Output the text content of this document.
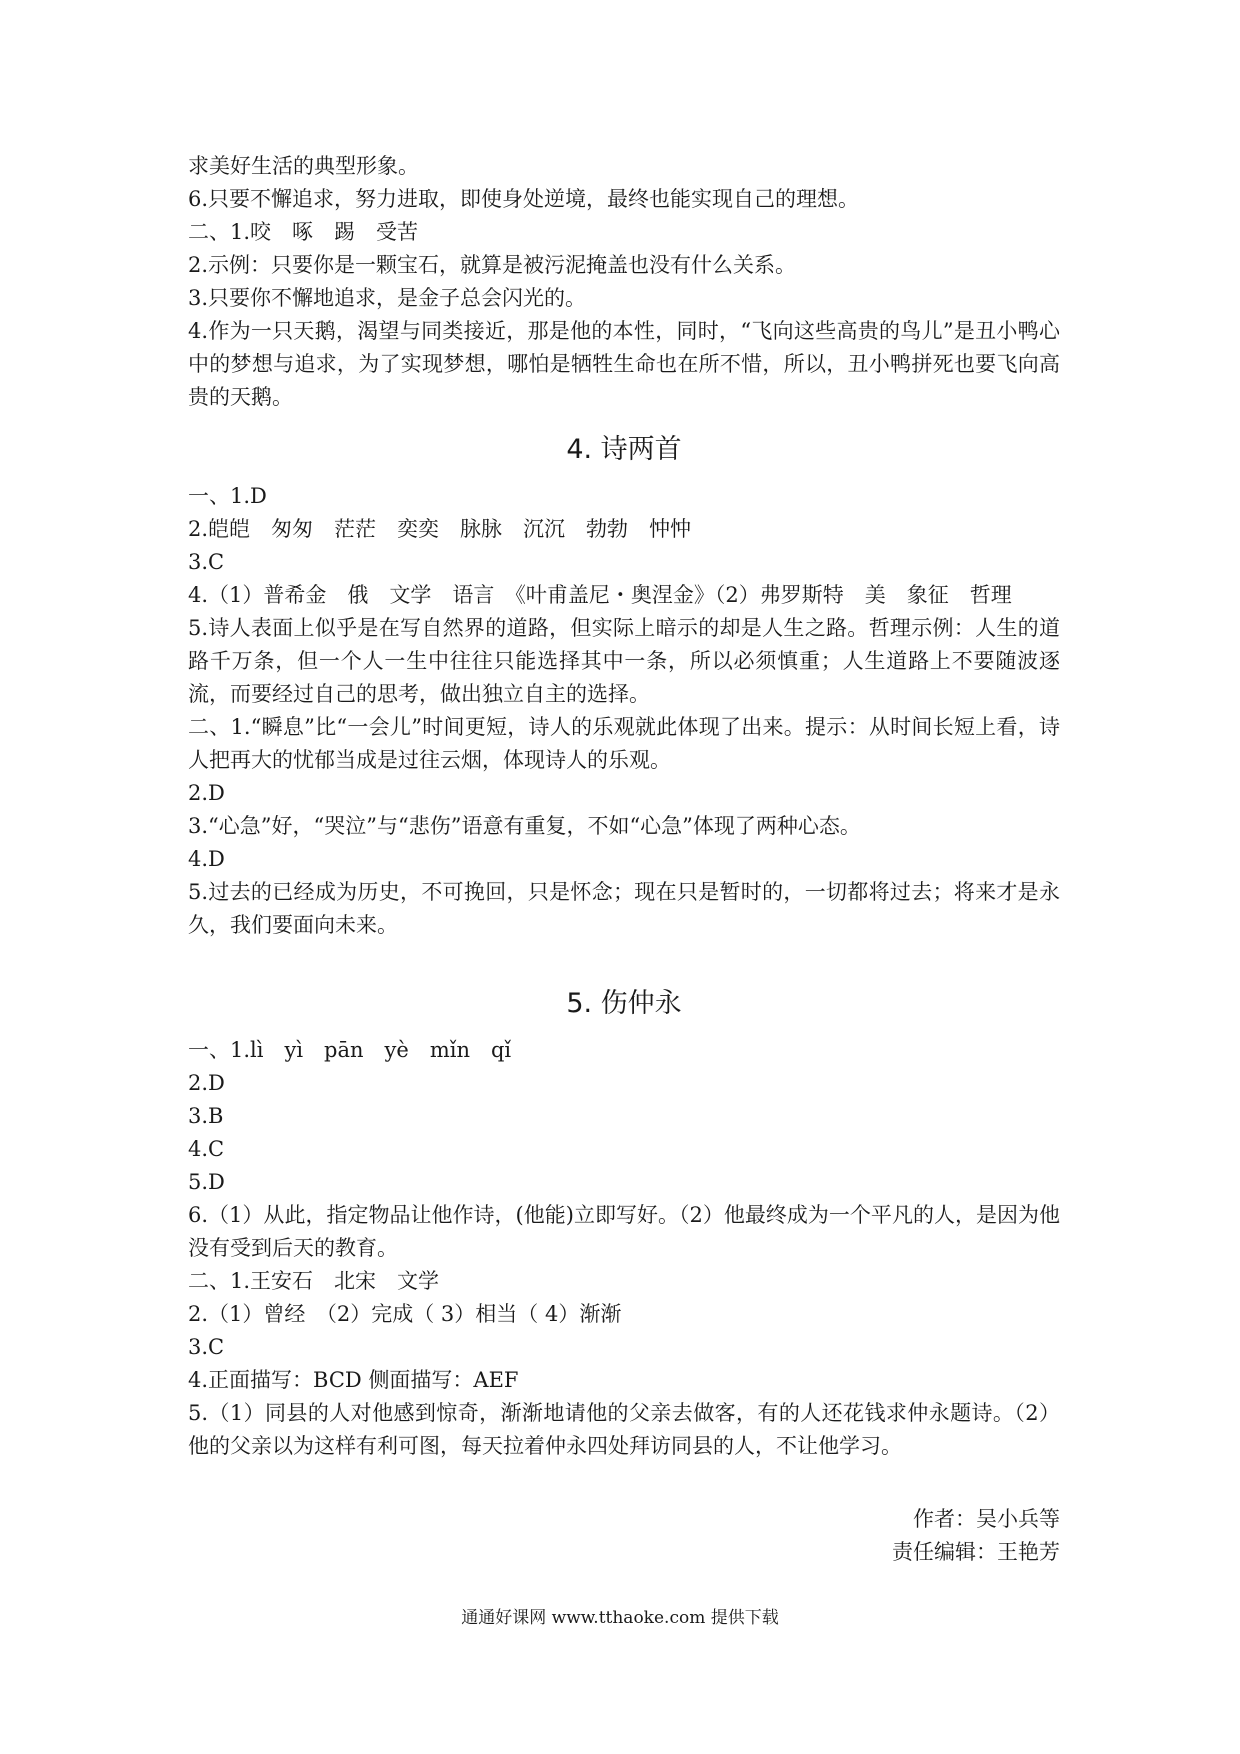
求美好生活的典型形象。
6.只要不懈追求，努力进取，即使身处逆境，最终也能实现自己的理想。
二、1.咬　啄　踢　受苦
2.示例：只要你是一颗宝石，就算是被污泥掩盖也没有什么关系。
3.只要你不懈地追求，是金子总会闪光的。
4.作为一只天鹅，渴望与同类接近，那是他的本性，同时，“飞向这些高贵的鸟儿”是丑小鸭心中的梦想与追求，为了实现梦想，哪怕是牺牲生命也在所不惜，所以，丑小鸭拼死也要飞向高贵的天鹅。
4. 诗两首
一、1.D
2.皑皑　匆匆　茫茫　奕奕　脉脉　沉沉　勃勃　忡忡
3.C
4.（1）普希金　俄　文学　语言　《叶甫盖尼・奥涅金》（2）弗罗斯特　美　象征　哲理
5.诗人表面上似乎是在写自然界的道路，但实际上暗示的却是人生之路。哲理示例：人生的道路千万条，但一个人一生中往往只能选择其中一条，所以必须慎重；人生道路上不要随波逐流，而要经过自己的思考，做出独立自主的选择。
二、1.“瞬息”比“一会儿”时间更短，诗人的乐观就此体现了出来。提示：从时间长短上看，诗人把再大的忧郁当成是过往云烟，体现诗人的乐观。
2.D
3.“心急”好，“哭泣”与“悲伤”语意有重复，不如“心急”体现了两种心态。
4.D
5.过去的已经成为历史，不可挽回，只是怀念；现在只是暂时的，一切都将过去；将来才是永久，我们要面向未来。
5. 伤仲永
一、1.lì　yì　pān　yè　mǐn　qǐ
2.D
3.B
4.C
5.D
6.（1）从此，指定物品让他作诗，(他能)立即写好。（2）他最终成为一个平凡的人，是因为他没有受到后天的教育。
二、1.王安石　北宋　文学
2.（1）曾经　（2）完成（ 3）相当（ 4）渐渐
3.C
4.正面描写：BCD 侧面描写：AEF
5.（1）同县的人对他感到惊奇，渐渐地请他的父亲去做客，有的人还花钱求仲永题诗。（2）他的父亲以为这样有利可图，每天拉着仲永四处拜访同县的人，不让他学习。
作者：吴小兵等
责任编辑：王艳芳
通通好课网 www.tthaoke.com 提供下载
